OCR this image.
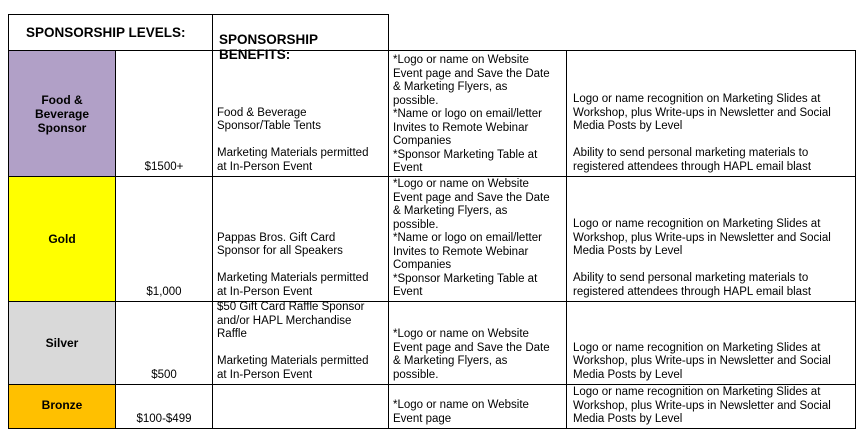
SPONSORSHIP LEVELS:	SPONSORSHIP BENEFITS:

Food &
Beverage
Sponsor
$1500+
Food & Beverage
Sponsor/Table Tents

Marketing Materials permitted
at In-Person Event
*Logo or name on Website
Event page and Save the Date
& Marketing Flyers, as
possible.
*Name or logo on email/letter
Invites to Remote Webinar
Companies
*Sponsor Marketing Table at
Event
Logo or name recognition on Marketing Slides at
Workshop, plus Write-ups in Newsletter and Social
Media Posts by Level

Ability to send personal marketing materials to
registered attendees through HAPL email blast
Gold
$1,000
Pappas Bros. Gift Card
Sponsor for all Speakers

Marketing Materials permitted
at In-Person Event
*Logo or name on Website
Event page and Save the Date
& Marketing Flyers, as
possible.
*Name or logo on email/letter
Invites to Remote Webinar
Companies
*Sponsor Marketing Table at
Event
Logo or name recognition on Marketing Slides at
Workshop, plus Write-ups in Newsletter and Social
Media Posts by Level

Ability to send personal marketing materials to
registered attendees through HAPL email blast
Silver
$500
$50 Gift Card Raffle Sponsor
and/or HAPL Merchandise
Raffle

Marketing Materials permitted
at In-Person Event
*Logo or name on Website
Event page and Save the Date
& Marketing Flyers, as
possible.
Logo or name recognition on Marketing Slides at
Workshop, plus Write-ups in Newsletter and Social
Media Posts by Level
Bronze
$100-$499
*Logo or name on Website
Event page
Logo or name recognition on Marketing Slides at
Workshop, plus Write-ups in Newsletter and Social
Media Posts by Level
